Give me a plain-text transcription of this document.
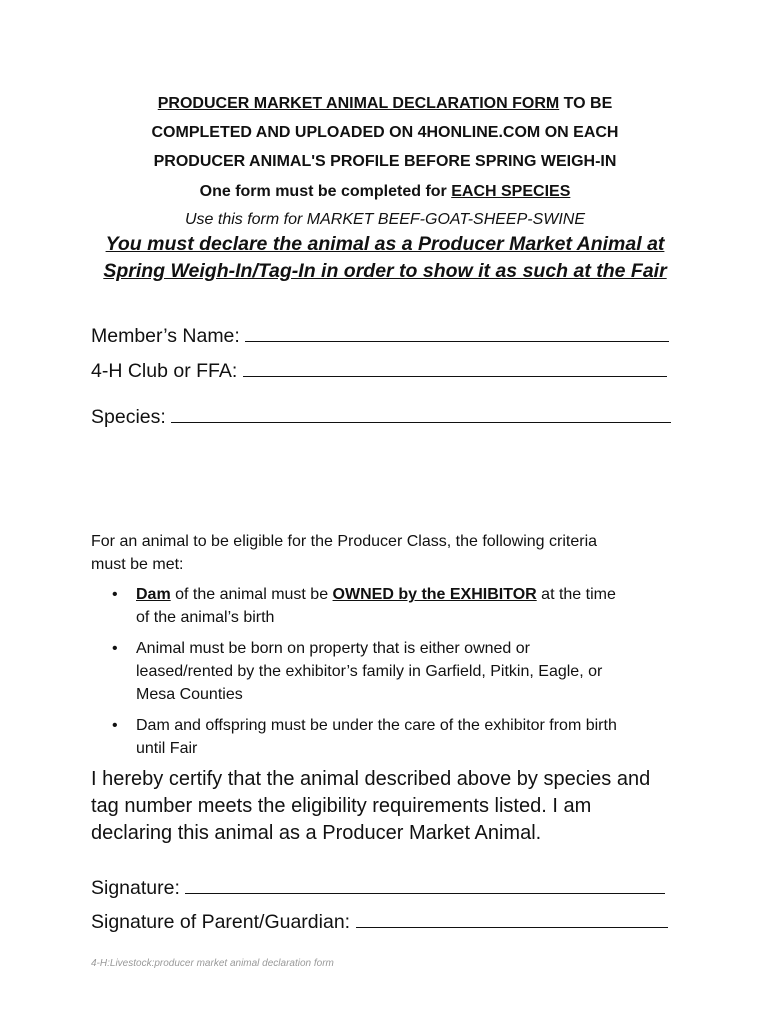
PRODUCER MARKET ANIMAL DECLARATION FORM TO BE
COMPLETED AND UPLOADED ON 4HONLINE.COM ON EACH
PRODUCER ANIMAL'S PROFILE BEFORE SPRING WEIGH-IN
One form must be completed for EACH SPECIES
Use this form for MARKET BEEF-GOAT-SHEEP-SWINE
You must declare the animal as a Producer Market Animal at
Spring Weigh-In/Tag-In in order to show it as such at the Fair
Member’s Name:
4-H Club or FFA:
Species:
For an animal to be eligible for the Producer Class, the following criteria
must be met:
• Dam of the animal must be OWNED by the EXHIBITOR at the time
of the animal’s birth
• Animal must be born on property that is either owned or
leased/rented by the exhibitor’s family in Garfield, Pitkin, Eagle, or
Mesa Counties
• Dam and offspring must be under the care of the exhibitor from birth
until Fair
I hereby certify that the animal described above by species and
tag number meets the eligibility requirements listed. I am
declaring this animal as a Producer Market Animal.
Signature:
Signature of Parent/Guardian:
4-H:Livestock:producer market animal declaration form
